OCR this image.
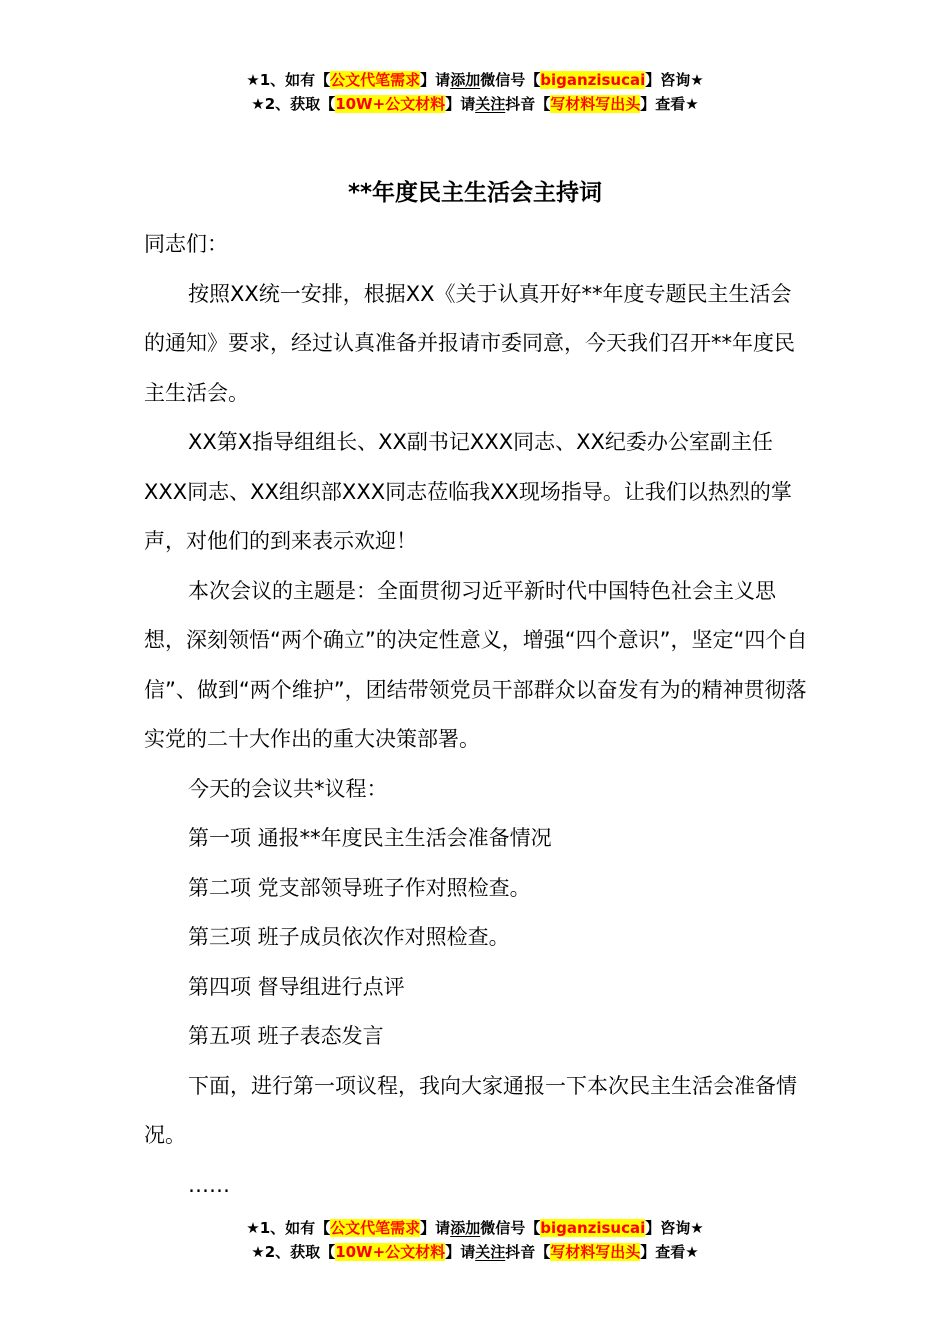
★1、如有【公文代笔需求】请添加微信号【biganzisucai】咨询★
★2、获取【10W+公文材料】请关注抖音【写材料写出头】查看★
**年度民主生活会主持词

同志们：

按照XX统一安排，根据XX《关于认真开好**年度专题民主生活会的通知》要求，经过认真准备并报请市委同意，今天我们召开**年度民主生活会。

XX第X指导组组长、XX副书记XXX同志、XX纪委办公室副主任XXX同志、XX组织部XXX同志莅临我XX现场指导。让我们以热烈的掌声，对他们的到来表示欢迎！

本次会议的主题是：全面贯彻习近平新时代中国特色社会主义思想，深刻领悟“两个确立”的决定性意义，增强“四个意识”，坚定“四个自信”、做到“两个维护”，团结带领党员干部群众以奋发有为的精神贯彻落实党的二十大作出的重大决策部署。

今天的会议共*议程：

第一项 通报**年度民主生活会准备情况

第二项 党支部领导班子作对照检查。

第三项 班子成员依次作对照检查。

第四项 督导组进行点评

第五项 班子表态发言

下面，进行第一项议程，我向大家通报一下本次民主生活会准备情况。

……

★1、如有【公文代笔需求】请添加微信号【biganzisucai】咨询★
★2、获取【10W+公文材料】请关注抖音【写材料写出头】查看★
